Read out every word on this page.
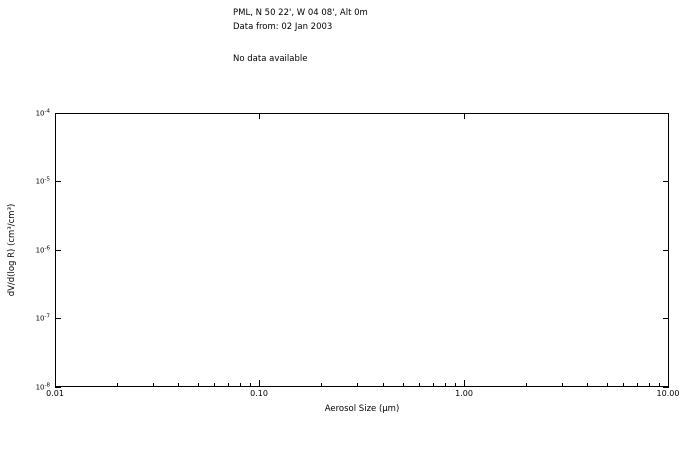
PML, N 50 22', W 04 08', Alt 0m
Data from: 02 Jan 2003
No data available
0.01	0.10	1.00	10.00
$10^{-8}$
$10^{-7}$
$10^{-6}$
$10^{-5}$
$10^{-4}$
Aerosol Size (μm)
dV/d(log R) (cm³/cm³)
